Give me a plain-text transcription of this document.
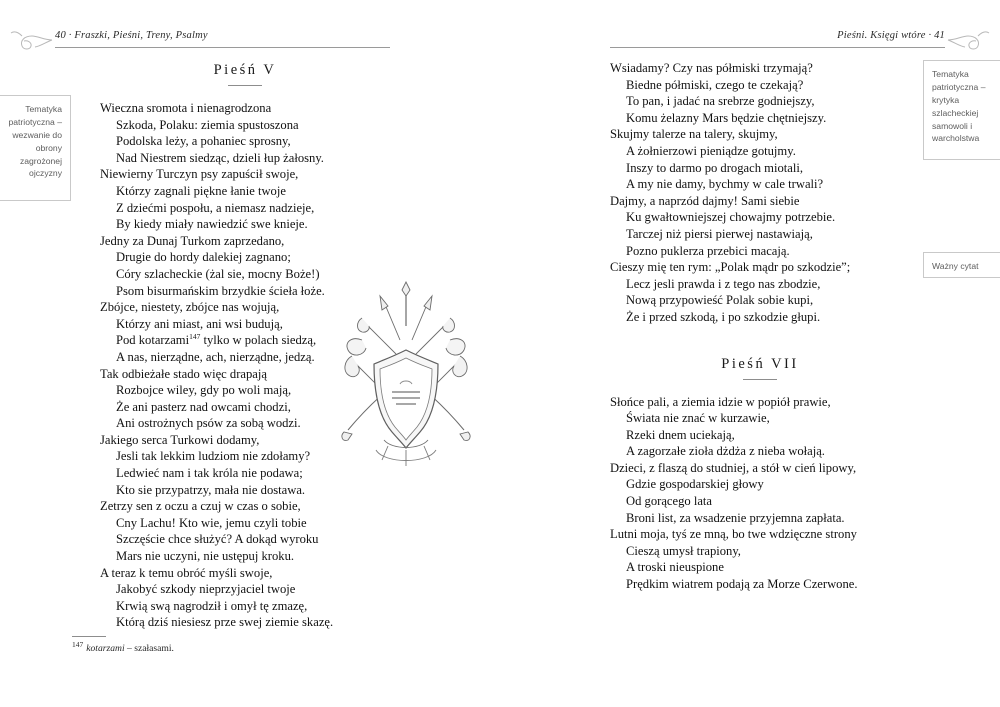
40 · Fraszki, Pieśni, Treny, Psalmy
Tematyka patriotyczna – wezwanie do obrony zagrożonej ojczyzny
Pieśń V
Wieczna sromota i nienagrodzona
Szkoda, Polaku: ziemia spustoszona
Podolska leży, a pohaniec sprosny,
Nad Niestrem siedząc, dzieli łup żałosny.
Niewierny Turczyn psy zapuścił swoje,
Którzy zagnali piękne łanie twoje
Z dziećmi pospołu, a niemasz nadzieje,
By kiedy miały nawiedzić swe knieje.
Jedny za Dunaj Turkom zaprzedano,
Drugie do hordy dalekiej zagnano;
Córy szlacheckie (żal sie, mocny Boże!)
Psom bisurmańskim brzydkie ścieła łoże.
Zbójce, niestety, zbójce nas wojują,
Którzy ani miast, ani wsi budują,
Pod kotarzami$^{147}$ tylko w polach siedzą,
A nas, nierządne, ach, nierządne, jedzą.
Tak odbieżałe stado więc drapają
Rozbojce wiley, gdy po woli mają,
Że ani pasterz nad owcami chodzi,
Ani ostrożnych psów za sobą wodzi.
Jakiego serca Turkowi dodamy,
Jesli tak lekkim ludziom nie zdołamy?
Ledwieć nam i tak króla nie podawa;
Kto sie przypatrzy, mała nie dostawa.
Zetrzy sen z oczu a czuj w czas o sobie,
Cny Lachu! Kto wie, jemu czyli tobie
Szczęście chce służyć? A dokąd wyroku
Mars nie uczyni, nie ustępuj kroku.
A teraz k temu obróć myśli swoje,
Jakobyć szkody nieprzyjaciel twoje
Krwią swą nagrodził i omył tę zmazę,
Którą dziś niesiesz prze swej ziemie skazę.
$^{147}$ kotarzami – szałasami.
Pieśni. Księgi wtóre · 41
Tematyka patriotyczna – krytyka szlacheckiej samowoli i warcholstwa
Ważny cytat
Wsiadamy? Czy nas półmiski trzymają?
Biedne półmiski, czego te czekają?
To pan, i jadać na srebrze godniejszy,
Komu żelazny Mars będzie chętniejszy.
Skujmy talerze na talery, skujmy,
A żołnierzowi pieniądze gotujmy.
Inszy to darmo po drogach miotali,
A my nie damy, bychmy w cale trwali?
Dajmy, a naprzód dajmy! Sami siebie
Ku gwałtowniejszej chowajmy potrzebie.
Tarczej niż piersi pierwej nastawiają,
Pozno puklerza przebici macają.
Cieszy mię ten rym: „Polak mądr po szkodzie”;
Lecz jesli prawda i z tego nas zbodzie,
Nową przypowieść Polak sobie kupi,
Że i przed szkodą, i po szkodzie głupi.
Pieśń VII
Słońce pali, a ziemia idzie w popiół prawie,
Świata nie znać w kurzawie,
Rzeki dnem uciekają,
A zagorzałe zioła dżdża z nieba wołają.
Dzieci, z flaszą do studniej, a stół w cień lipowy,
Gdzie gospodarskiej głowy
Od gorącego lata
Broni list, za wsadzenie przyjemna zapłata.
Lutni moja, tyś ze mną, bo twe wdzięczne strony
Cieszą umysł trapiony,
A troski nieuspione
Prędkim wiatrem podają za Morze Czerwone.
